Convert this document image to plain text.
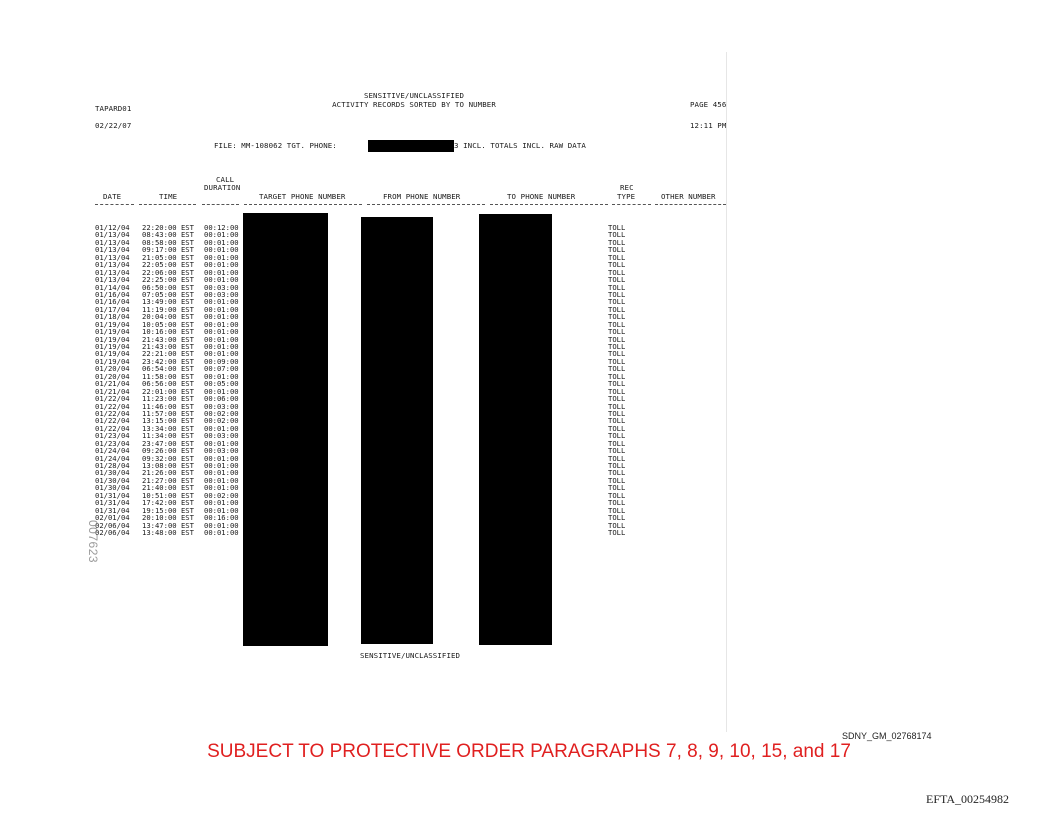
TAPARD01
SENSITIVE/UNCLASSIFIED
ACTIVITY RECORDS SORTED BY TO NUMBER	PAGE 456
02/22/07	12:11 PM
FILE: MM-108062 TGT. PHONE:	3 INCL. TOTALS INCL. RAW DATA
CALL
DURATION
DATE	TIME	TARGET PHONE NUMBER	FROM PHONE NUMBER	TO PHONE NUMBER
REC
TYPE	OTHER NUMBER
01/12/04 22:20:00 EST 00:12:00	TOLL
01/13/04 08:43:00 EST 00:01:00	TOLL
01/13/04 08:58:00 EST 00:01:00	TOLL
01/13/04 09:17:00 EST 00:01:00	TOLL
01/13/04 21:05:00 EST 00:01:00	TOLL
01/13/04 22:05:00 EST 00:01:00	TOLL
01/13/04 22:06:00 EST 00:01:00	TOLL
01/13/04 22:25:00 EST 00:01:00	TOLL
01/14/04 06:50:00 EST 00:03:00	TOLL
01/16/04 07:05:00 EST 00:03:00	TOLL
01/16/04 13:49:00 EST 00:01:00	TOLL
01/17/04 11:19:00 EST 00:01:00	TOLL
01/18/04 20:04:00 EST 00:01:00	TOLL
01/19/04 10:05:00 EST 00:01:00	TOLL
01/19/04 10:16:00 EST 00:01:00	TOLL
01/19/04 21:43:00 EST 00:01:00	TOLL
01/19/04 21:43:00 EST 00:01:00	TOLL
01/19/04 22:21:00 EST 00:01:00	TOLL
01/19/04 23:42:00 EST 00:09:00	TOLL
01/20/04 06:54:00 EST 00:07:00	TOLL
01/20/04 11:58:00 EST 00:01:00	TOLL
01/21/04 06:56:00 EST 00:05:00	TOLL
01/21/04 22:01:00 EST 00:01:00	TOLL
01/22/04 11:23:00 EST 00:06:00	TOLL
01/22/04 11:46:00 EST 00:03:00	TOLL
01/22/04 11:57:00 EST 00:02:00	TOLL
01/22/04 13:15:00 EST 00:02:00	TOLL
01/22/04 13:34:00 EST 00:01:00	TOLL
01/23/04 11:34:00 EST 00:03:00	TOLL
01/23/04 23:47:00 EST 00:01:00	TOLL
01/24/04 09:26:00 EST 00:03:00	TOLL
01/24/04 09:32:00 EST 00:01:00	TOLL
01/28/04 13:08:00 EST 00:01:00	TOLL
01/30/04 21:26:00 EST 00:01:00	TOLL
01/30/04 21:27:00 EST 00:01:00	TOLL
01/30/04 21:40:00 EST 00:01:00	TOLL
01/31/04 10:51:00 EST 00:02:00	TOLL
01/31/04 17:42:00 EST 00:01:00	TOLL
01/31/04 19:15:00 EST 00:01:00	TOLL
02/01/04 20:10:00 EST 00:16:00	TOLL
02/06/04 13:47:00 EST 00:01:00	TOLL
02/06/04 13:48:00 EST 00:01:00	TOLL
SENSITIVE/UNCLASSIFIED
007623
SDNY_GM_02768174
SUBJECT TO PROTECTIVE ORDER PARAGRAPHS 7, 8, 9, 10, 15, and 17
EFTA_00254982
